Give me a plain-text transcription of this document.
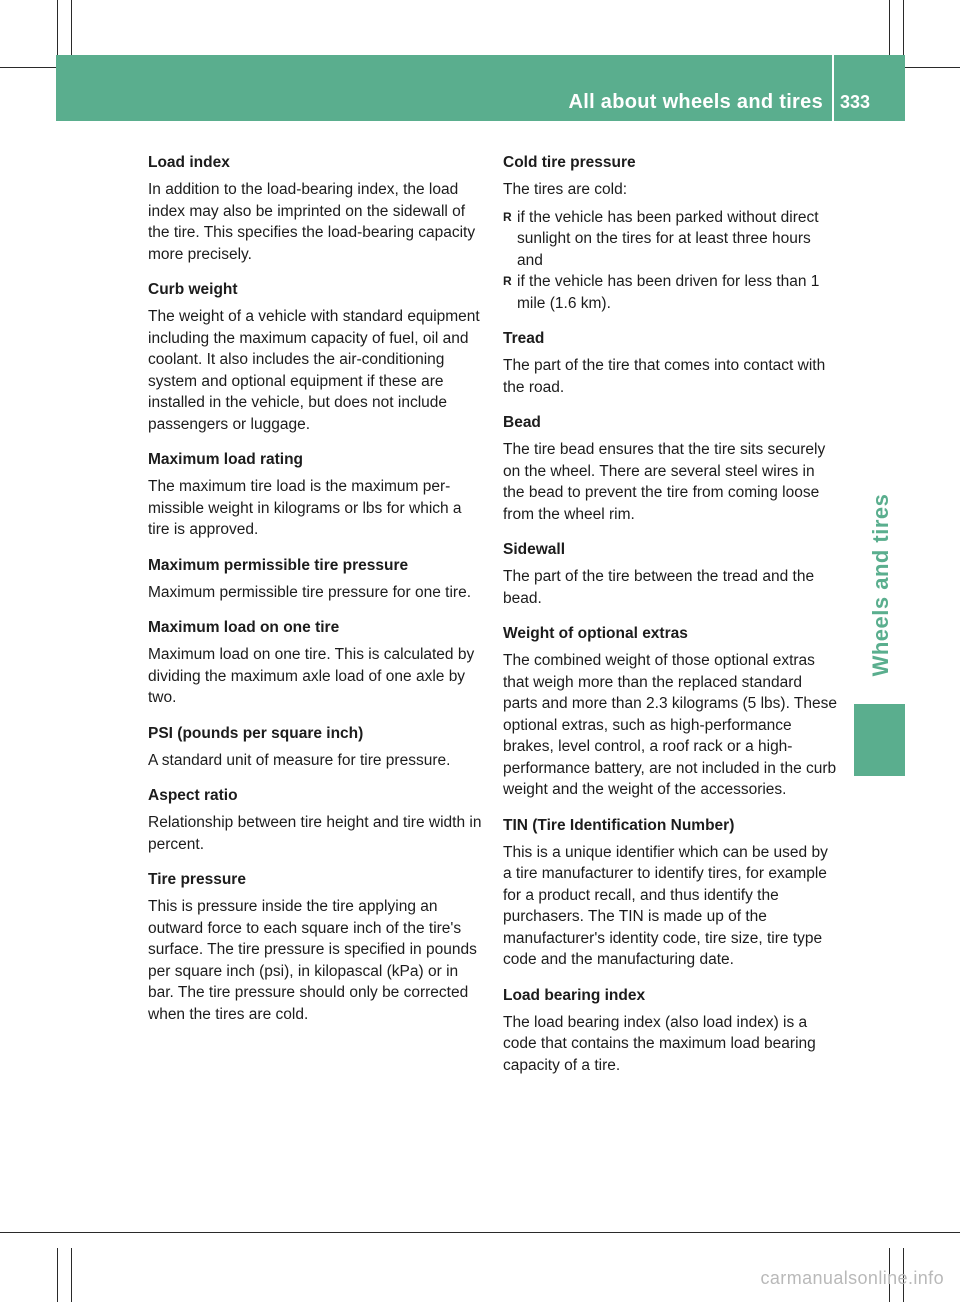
All about wheels and tires 333
Wheels and tires

Load index

In addition to the load-bearing index, the load index may also be imprinted on the sidewall of the tire. This specifies the load-bearing capacity more precisely.

Curb weight

The weight of a vehicle with standard equipment including the maximum capacity of fuel, oil and coolant. It also includes the air-conditioning system and optional equipment if these are installed in the vehicle, but does not include passengers or luggage.

Maximum load rating

The maximum tire load is the maximum permissible weight in kilograms or lbs for which a tire is approved.

Maximum permissible tire pressure

Maximum permissible tire pressure for one tire.

Maximum load on one tire

Maximum load on one tire. This is calculated by dividing the maximum axle load of one axle by two.

PSI (pounds per square inch)

A standard unit of measure for tire pressure.

Aspect ratio

Relationship between tire height and tire width in percent.

Tire pressure

This is pressure inside the tire applying an outward force to each square inch of the tire's surface. The tire pressure is specified in pounds per square inch (psi), in kilopascal (kPa) or in bar. The tire pressure should only be corrected when the tires are cold.

Cold tire pressure

The tires are cold:

R if the vehicle has been parked without direct sunlight on the tires for at least three hours and
R if the vehicle has been driven for less than 1 mile (1.6 km).

Tread

The part of the tire that comes into contact with the road.

Bead

The tire bead ensures that the tire sits securely on the wheel. There are several steel wires in the bead to prevent the tire from coming loose from the wheel rim.

Sidewall

The part of the tire between the tread and the bead.

Weight of optional extras

The combined weight of those optional extras that weigh more than the replaced standard parts and more than 2.3 kilograms (5 lbs). These optional extras, such as high-performance brakes, level control, a roof rack or a high-performance battery, are not included in the curb weight and the weight of the accessories.

TIN (Tire Identification Number)

This is a unique identifier which can be used by a tire manufacturer to identify tires, for example for a product recall, and thus identify the purchasers. The TIN is made up of the manufacturer's identity code, tire size, tire type code and the manufacturing date.

Load bearing index

The load bearing index (also load index) is a code that contains the maximum load bearing capacity of a tire.

carmanualsonline.info
